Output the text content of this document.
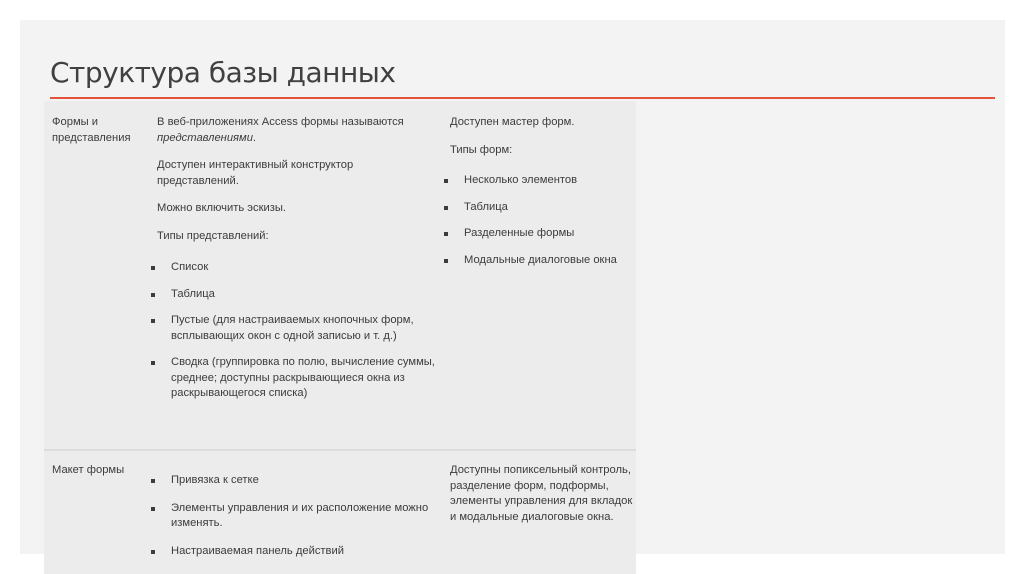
Структура базы данных
Формы и представления

В веб-приложениях Access формы называются представлениями.

Доступен интерактивный конструктор представлений.

Можно включить эскизы.

Типы представлений:

Список
Таблица
Пустые (для настраиваемых кнопочных форм, всплывающих окон с одной записью и т. д.)
Сводка (группировка по полю, вычисление суммы, среднее; доступны раскрывающиеся окна из раскрывающегося списка)

Доступен мастер форм.

Типы форм:

Несколько элементов
Таблица
Разделенные формы
Модальные диалоговые окна
Макет формы
Привязка к сетке
Элементы управления и их расположение можно изменять.
Настраиваемая панель действий

Доступны попиксельный контроль, разделение форм, подформы, элементы управления для вкладок и модальные диалоговые окна.
